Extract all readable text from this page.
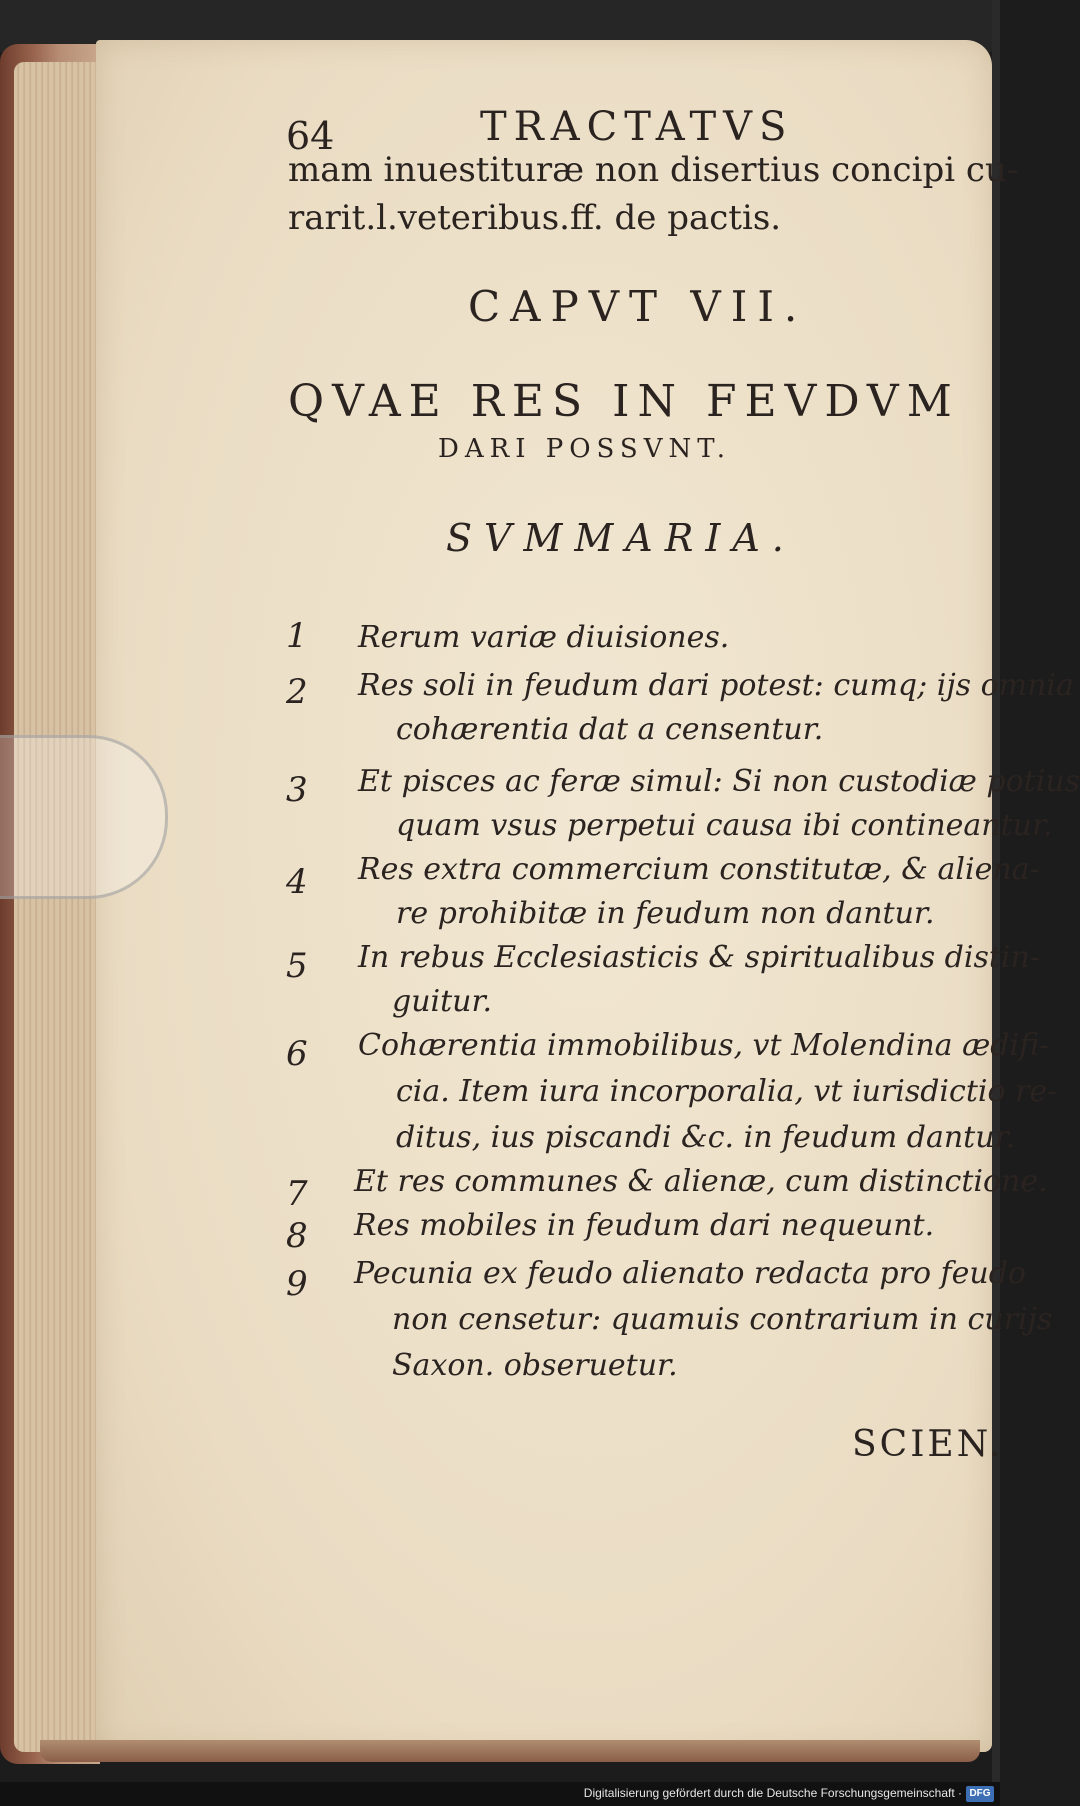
64	TRACTATVS
mam inuestituræ non disertius concipi cu-
rarit.l.veteribus.ff. de pactis.
CAPVT VII.
QVAE RES IN FEVDVM
DARI POSSVNT.
SVMMARIA.
1 Rerum variæ diuisiones.
2 Res soli in feudum dari potest: cumq; ijs omnia
cohærentia dat a censentur.
3 Et pisces ac feræ simul: Si non custodiæ potius
quam vsus perpetui causa ibi contineantur.
4 Res extra commercium constitutæ, & aliena-
re prohibitæ in feudum non dantur.
5 In rebus Ecclesiasticis & spiritualibus distin-
guitur.
6 Cohærentia immobilibus, vt Molendina ædifi-
cia. Item iura incorporalia, vt iurisdictio re-
ditus, ius piscandi &c. in feudum dantur.
7 Et res communes & alienæ, cum distinctione.
8 Res mobiles in feudum dari nequeunt.
9 Pecunia ex feudo alienato redacta pro feudo
non censetur: quamuis contrarium in curijs
Saxon. obseruetur.
SCIEN.
Digitalisierung gefördert durch die Deutsche Forschungsgemeinschaft · DFG
